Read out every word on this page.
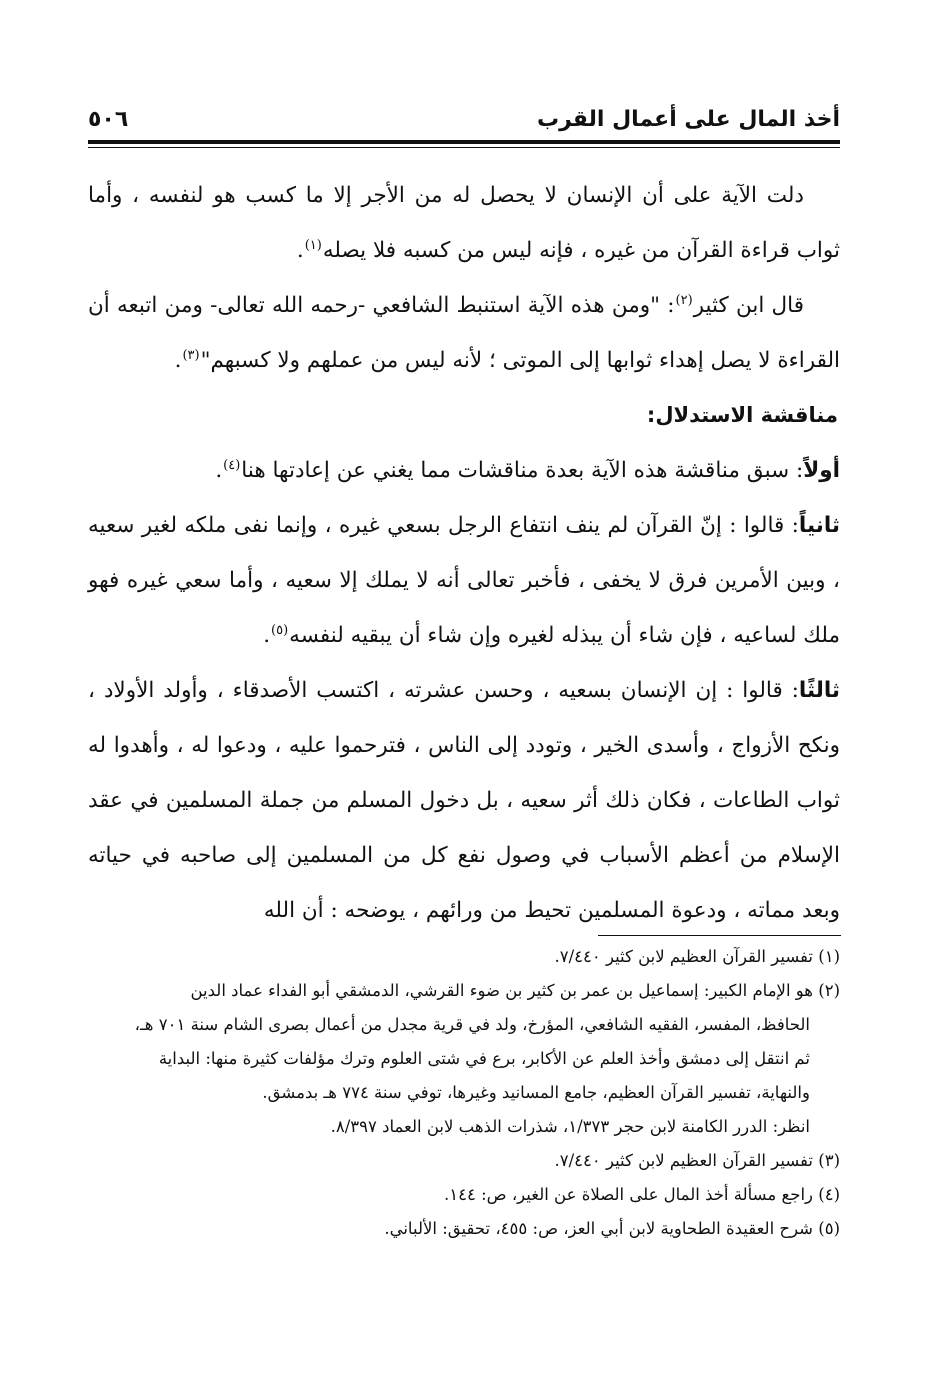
أخذ المال على أعمال القرب
٥٠٦

دلت الآية على أن الإنسان لا يحصل له من الأجر إلا ما كسب هو لنفسه ، وأما ثواب قراءة القرآن من غيره ، فإنه ليس من كسبه فلا يصله$^{(١)}$.

قال ابن كثير$^{(٢)}$: "ومن هذه الآية استنبط الشافعي -رحمه الله تعالى- ومن اتبعه أن القراءة لا يصل إهداء ثوابها إلى الموتى ؛ لأنه ليس من عملهم ولا كسبهم"$^{(٣)}$.

مناقشة الاستدلال:

أولاً: سبق مناقشة هذه الآية بعدة مناقشات مما يغني عن إعادتها هنا$^{(٤)}$.

ثانياً: قالوا : إنّ القرآن لم ينف انتفاع الرجل بسعي غيره ، وإنما نفى ملكه لغير سعيه ، وبين الأمرين فرق لا يخفى ، فأخبر تعالى أنه لا يملك إلا سعيه ، وأما سعي غيره فهو ملك لساعيه ، فإن شاء أن يبذله لغيره وإن شاء أن يبقيه لنفسه$^{(٥)}$.

ثالثًا: قالوا : إن الإنسان بسعيه ، وحسن عشرته ، اكتسب الأصدقاء ، وأولد الأولاد ، ونكح الأزواج ، وأسدى الخير ، وتودد إلى الناس ، فترحموا عليه ، ودعوا له ، وأهدوا له ثواب الطاعات ، فكان ذلك أثر سعيه ، بل دخول المسلم من جملة المسلمين في عقد الإسلام من أعظم الأسباب في وصول نفع كل من المسلمين إلى صاحبه في حياته وبعد مماته ، ودعوة المسلمين تحيط من ورائهم ، يوضحه : أن الله

(١) تفسير القرآن العظيم لابن كثير ٧/٤٤٠.

(٢) هو الإمام الكبير: إسماعيل بن عمر بن كثير بن ضوء القرشي، الدمشقي أبو الفداء عماد الدين

الحافظ، المفسر، الفقيه الشافعي، المؤرخ، ولد في قرية مجدل من أعمال بصرى الشام سنة ٧٠١ هـ،

ثم انتقل إلى دمشق وأخذ العلم عن الأكابر، برع في شتى العلوم وترك مؤلفات كثيرة منها: البداية

والنهاية، تفسير القرآن العظيم، جامع المسانيد وغيرها، توفي سنة ٧٧٤ هـ بدمشق.

انظر: الدرر الكامنة لابن حجر ١/٣٧٣، شذرات الذهب لابن العماد ٨/٣٩٧.

(٣) تفسير القرآن العظيم لابن كثير ٧/٤٤٠.

(٤) راجع مسألة أخذ المال على الصلاة عن الغير، ص: ١٤٤.

(٥) شرح العقيدة الطحاوية لابن أبي العز، ص: ٤٥٥، تحقيق: الألباني.
